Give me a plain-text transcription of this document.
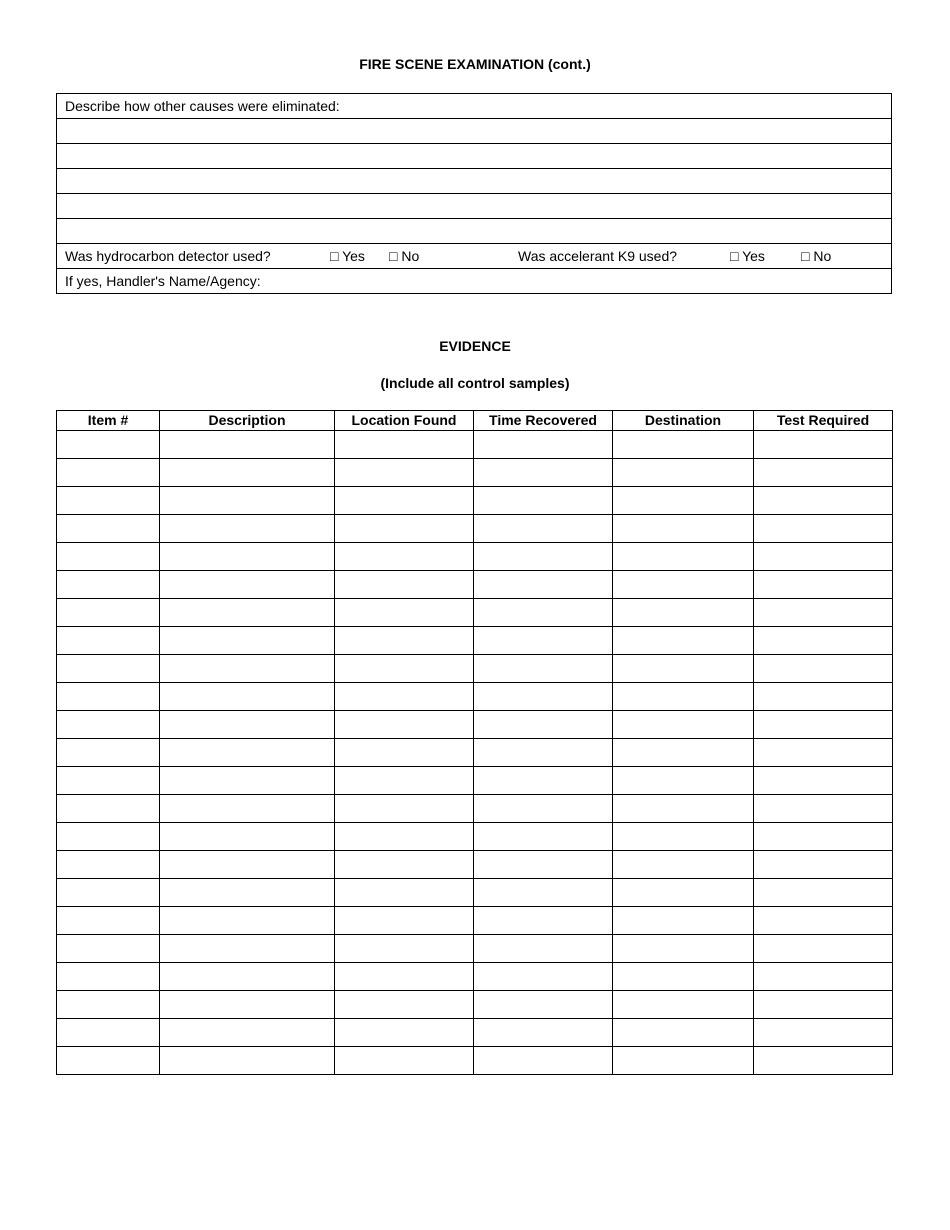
FIRE SCENE EXAMINATION (cont.)
Describe how other causes were eliminated:

Was hydrocarbon detector used?	□ Yes □ No	Was accelerant K9 used?	□ Yes	□ No

If yes, Handler's Name/Agency:
EVIDENCE
(Include all control samples)
Item #	Description	Location Found	Time Recovered	Destination	Test Required
